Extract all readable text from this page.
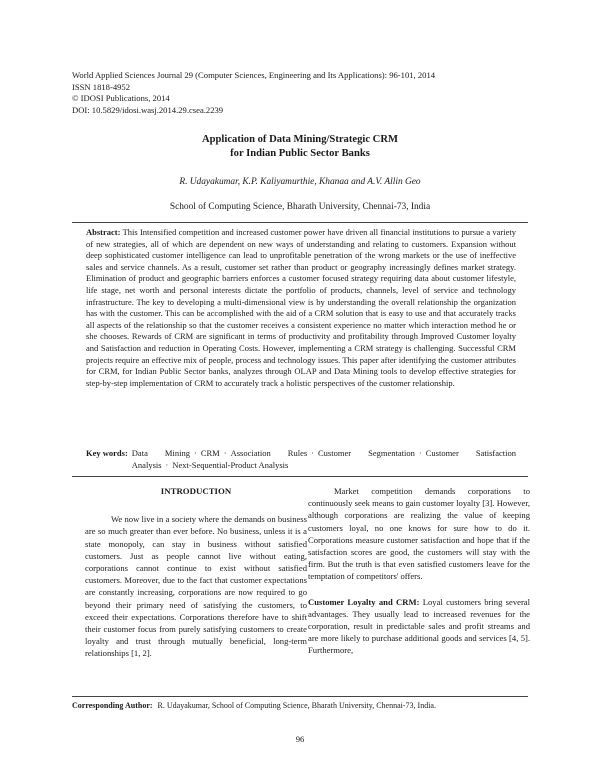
World Applied Sciences Journal 29 (Computer Sciences, Engineering and Its Applications): 96-101, 2014
ISSN 1818-4952
© IDOSI Publications, 2014
DOI: 10.5829/idosi.wasj.2014.29.csea.2239
Application of Data Mining/Strategic CRM
for Indian Public Sector Banks
R. Udayakumar, K.P. Kaliyamurthie, Khanaa and A.V. Allin Geo
School of Computing Science, Bharath University, Chennai-73, India

Abstract: This Intensified competition and increased customer power have driven all financial institutions to pursue a variety of new strategies, all of which are dependent on new ways of understanding and relating to customers. Expansion without deep sophisticated customer intelligence can lead to unprofitable penetration of the wrong markets or the use of ineffective sales and service channels. As a result, customer set rather than product or geography increasingly defines market strategy. Elimination of product and geographic barriers enforces a customer focused strategy requiring data about customer lifestyle, life stage, net worth and personal interests dictate the portfolio of products, channels, level of service and technology infrastructure. The key to developing a multi-dimensional view is by understanding the overall relationship the organization has with the customer. This can be accomplished with the aid of a CRM solution that is easy to use and that accurately tracks all aspects of the relationship so that the customer receives a consistent experience no matter which interaction method he or she chooses. Rewards of CRM are significant in terms of productivity and profitability through Improved Customer loyalty and Satisfaction and reduction in Operating Costs. However, implementing a CRM strategy is challenging. Successful CRM projects require an effective mix of people, process and technology issues. This paper after identifying the customer attributes for CRM, for Indian Public Sector banks, analyzes through OLAP and Data Mining tools to develop effective strategies for step-by-step implementation of CRM to accurately track a holistic perspectives of the customer relationship.

Key words: Data Mining · CRM · Association Rules · Customer Segmentation · Customer Satisfaction Analysis · Next-Sequential-Product Analysis
INTRODUCTION

We now live in a society where the demands on business are so much greater than ever before. No business, unless it is a state monopoly, can stay in business without satisfied customers. Just as people cannot live without eating, corporations cannot continue to exist without satisfied customers. Moreover, due to the fact that customer expectations are constantly increasing, corporations are now required to go beyond their primary need of satisfying the customers, to exceed their expectations. Corporations therefore have to shift their customer focus from purely satisfying customers to create loyalty and trust through mutually beneficial, long-term relationships [1, 2].

Market competition demands corporations to continuously seek means to gain customer loyalty [3]. However, although corporations are realizing the value of keeping customers loyal, no one knows for sure how to do it. Corporations measure customer satisfaction and hope that if the satisfaction scores are good, the customers will stay with the firm. But the truth is that even satisfied customers leave for the temptation of competitors' offers.

Customer Loyalty and CRM: Loyal customers bring several advantages. They usually lead to increased revenues for the corporation, result in predictable sales and profit streams and are more likely to purchase additional goods and services [4, 5]. Furthermore,

Corresponding Author: R. Udayakumar, School of Computing Science, Bharath University, Chennai-73, India.
96
